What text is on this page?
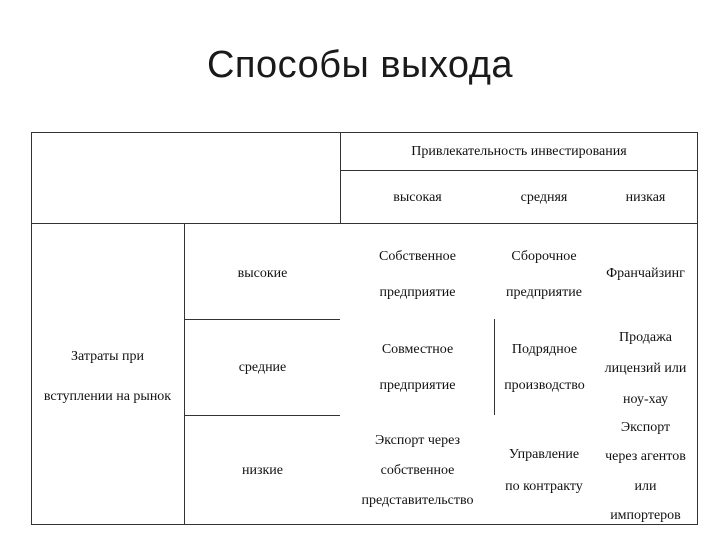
Способы выхода
Привлекательность инвестирования
высокая	средняя	низкая
Затраты при
вступлении на рынок
высокие
средние
низкие
Собственное
предприятие
Сборочное
предприятие
Франчайзинг
Совместное
предприятие
Подрядное
производство
Продажа
лицензий или
ноу-хау
Экспорт через
собственное
представительство
Управление
по контракту
Экспорт
через агентов
или
импортеров
